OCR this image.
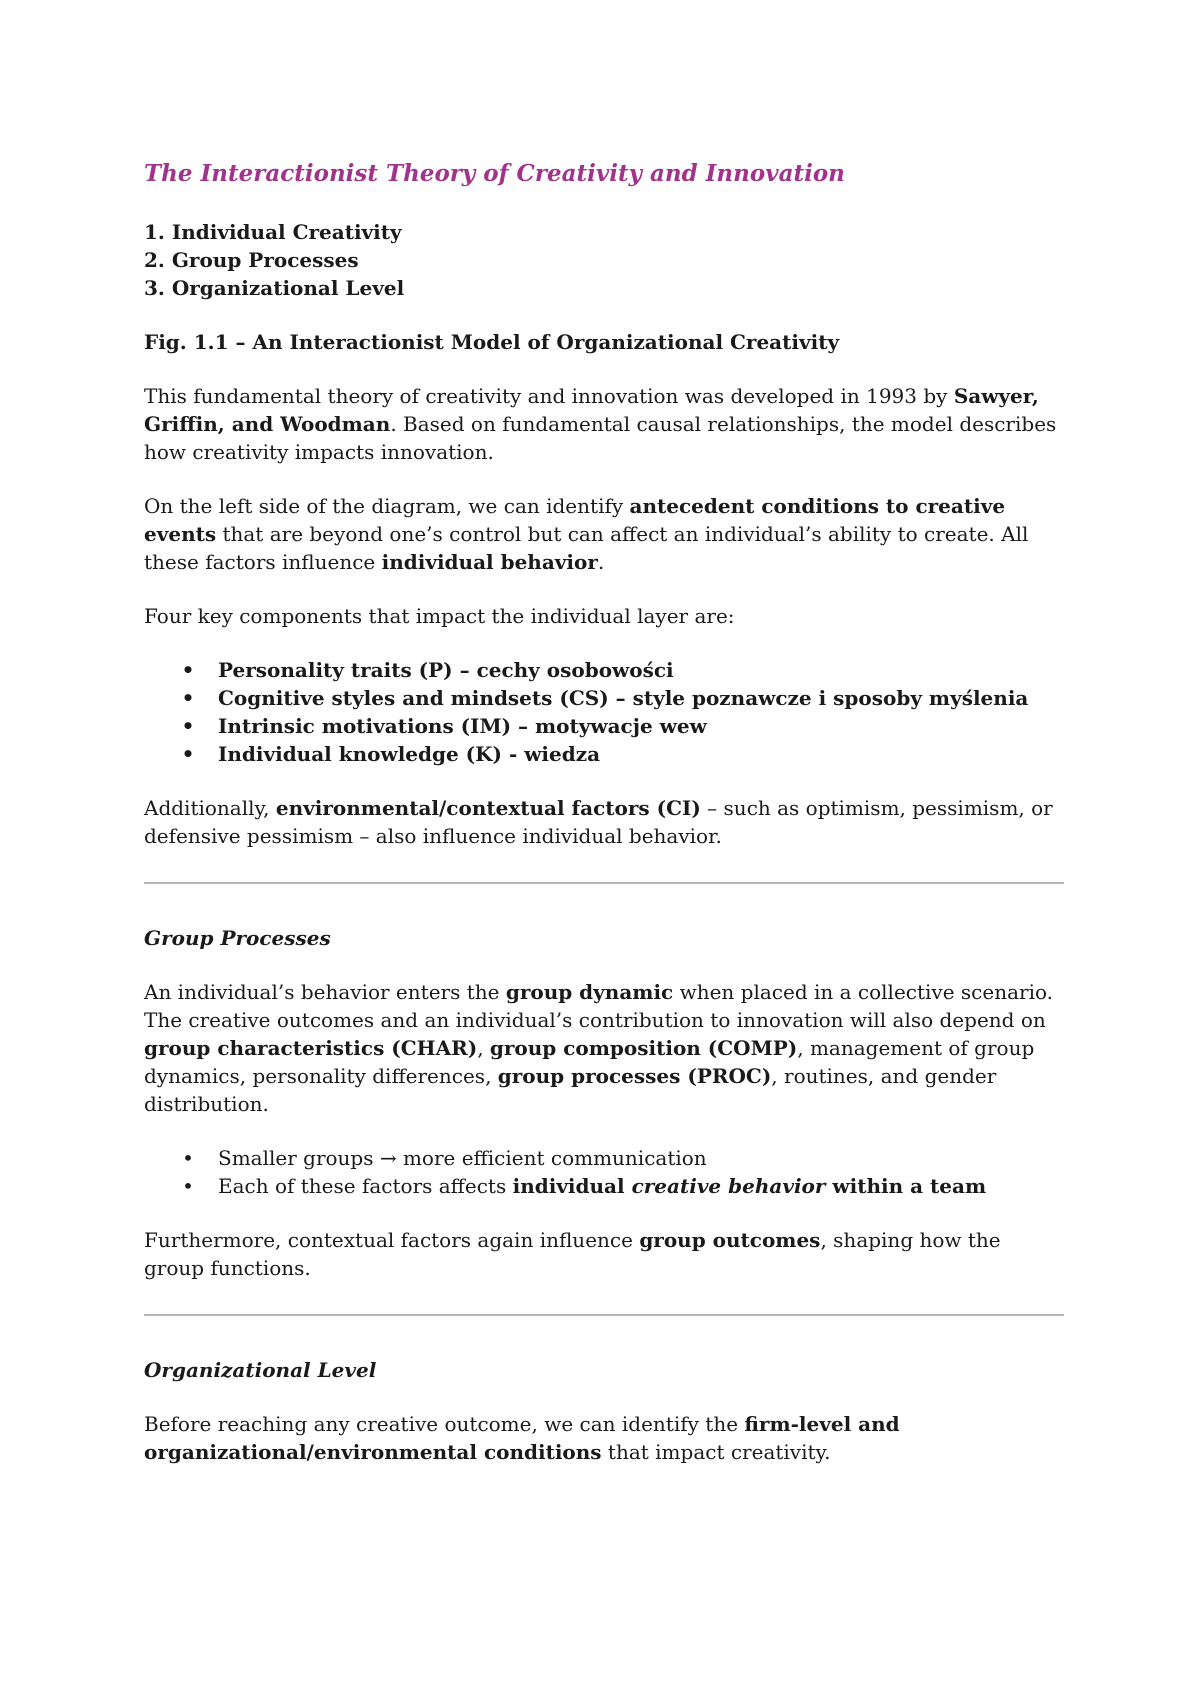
The Interactionist Theory of Creativity and Innovation
1. Individual Creativity
2. Group Processes
3. Organizational Level

Fig. 1.1 – An Interactionist Model of Organizational Creativity

This fundamental theory of creativity and innovation was developed in 1993 by Sawyer, Griffin, and Woodman. Based on fundamental causal relationships, the model describes how creativity impacts innovation.

On the left side of the diagram, we can identify antecedent conditions to creative events that are beyond one’s control but can affect an individual’s ability to create. All these factors influence individual behavior.

Four key components that impact the individual layer are:

• Personality traits (P) – cechy osobowości
• Cognitive styles and mindsets (CS) – style poznawcze i sposoby myślenia
• Intrinsic motivations (IM) – motywacje wew
• Individual knowledge (K) - wiedza

Additionally, environmental/contextual factors (CI) – such as optimism, pessimism, or defensive pessimism – also influence individual behavior.

Group Processes

An individual’s behavior enters the group dynamic when placed in a collective scenario. The creative outcomes and an individual’s contribution to innovation will also depend on group characteristics (CHAR), group composition (COMP), management of group dynamics, personality differences, group processes (PROC), routines, and gender distribution.

• Smaller groups → more efficient communication
• Each of these factors affects individual creative behavior within a team

Furthermore, contextual factors again influence group outcomes, shaping how the group functions.

Organizational Level

Before reaching any creative outcome, we can identify the firm-level and organizational/environmental conditions that impact creativity.
